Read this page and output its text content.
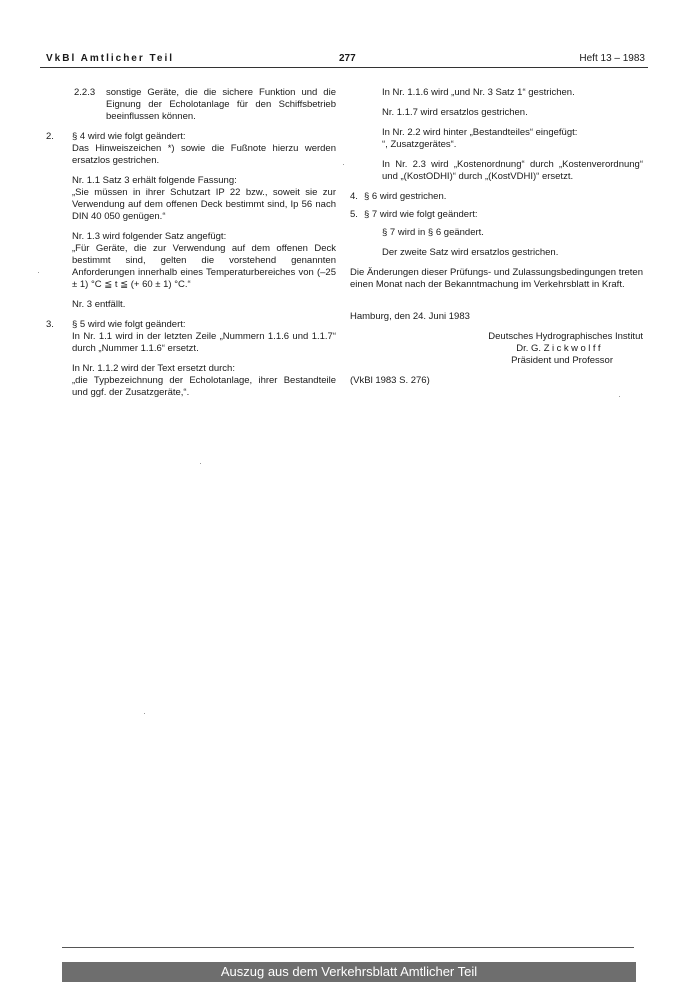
VkBl Amtlicher Teil	277	Heft 13 – 1983
2.2.3 sonstige Geräte, die die sichere Funktion und die Eignung der Echolotanlage für den Schiffsbetrieb beeinflussen können.
2. § 4 wird wie folgt geändert:

Das Hinweiszeichen *) sowie die Fußnote hierzu werden ersatzlos gestrichen.

Nr. 1.1 Satz 3 erhält folgende Fassung:

„Sie müssen in ihrer Schutzart IP 22 bzw., soweit sie zur Verwendung auf dem offenen Deck bestimmt sind, Ip 56 nach DIN 40 050 genügen.“

Nr. 1.3 wird folgender Satz angefügt:

„Für Geräte, die zur Verwendung auf dem offenen Deck bestimmt sind, gelten die vorstehend genannten Anforderungen innerhalb eines Temperaturbereiches von (–25 ± 1) °C ≦ t ≦ (+ 60 ± 1) °C.“

Nr. 3 entfällt.

3. § 5 wird wie folgt geändert:

In Nr. 1.1 wird in der letzten Zeile „Nummern 1.1.6 und 1.1.7“ durch „Nummer 1.1.6“ ersetzt.

In Nr. 1.1.2 wird der Text ersetzt durch:

„die Typbezeichnung der Echolotanlage, ihrer Bestandteile und ggf. der Zusatzgeräte,“.

In Nr. 1.1.6 wird „und Nr. 3 Satz 1“ gestrichen.

Nr. 1.1.7 wird ersatzlos gestrichen.

In Nr. 2.2 wird hinter „Bestandteiles“ eingefügt:

“, Zusatzgerätes“.

In Nr. 2.3 wird „Kostenordnung“ durch „Kostenverordnung“ und „(KostODHI)“ durch „(KostVDHI)“ ersetzt.

4. § 6 wird gestrichen.
5. § 7 wird wie folgt geändert:

§ 7 wird in § 6 geändert.

Der zweite Satz wird ersatzlos gestrichen.

Die Änderungen dieser Prüfungs- und Zulassungsbedingungen treten einen Monat nach der Bekanntmachung im Verkehrsblatt in Kraft.

Hamburg, den 24. Juni 1983

Deutsches Hydrographisches Institut
Dr. G. Zickwolff
Präsident und Professor
(VkBl 1983 S. 276)
Auszug aus dem Verkehrsblatt Amtlicher Teil
